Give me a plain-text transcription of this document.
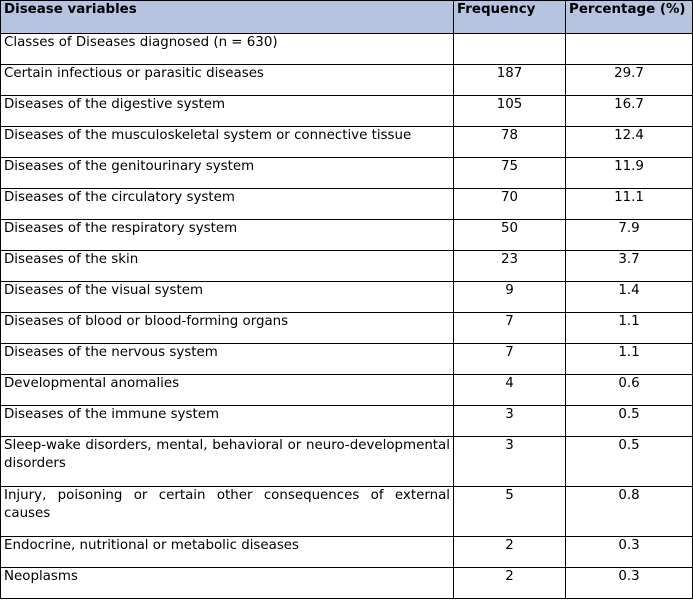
Disease variables	Frequency	Percentage (%)
Classes of Diseases diagnosed (n = 630)		
Certain infectious or parasitic diseases	187	29.7
Diseases of the digestive system	105	16.7
Diseases of the musculoskeletal system or connective tissue	78	12.4
Diseases of the genitourinary system	75	11.9
Diseases of the circulatory system	70	11.1
Diseases of the respiratory system	50	7.9
Diseases of the skin	23	3.7
Diseases of the visual system	9	1.4
Diseases of blood or blood-forming organs	7	1.1
Diseases of the nervous system	7	1.1
Developmental anomalies	4	0.6
Diseases of the immune system	3	0.5
Sleep-wake disorders, mental, behavioral or neuro-developmental disorders	3	0.5
Injury, poisoning or certain other consequences of external causes	5	0.8
Endocrine, nutritional or metabolic diseases	2	0.3
Neoplasms	2	0.3
